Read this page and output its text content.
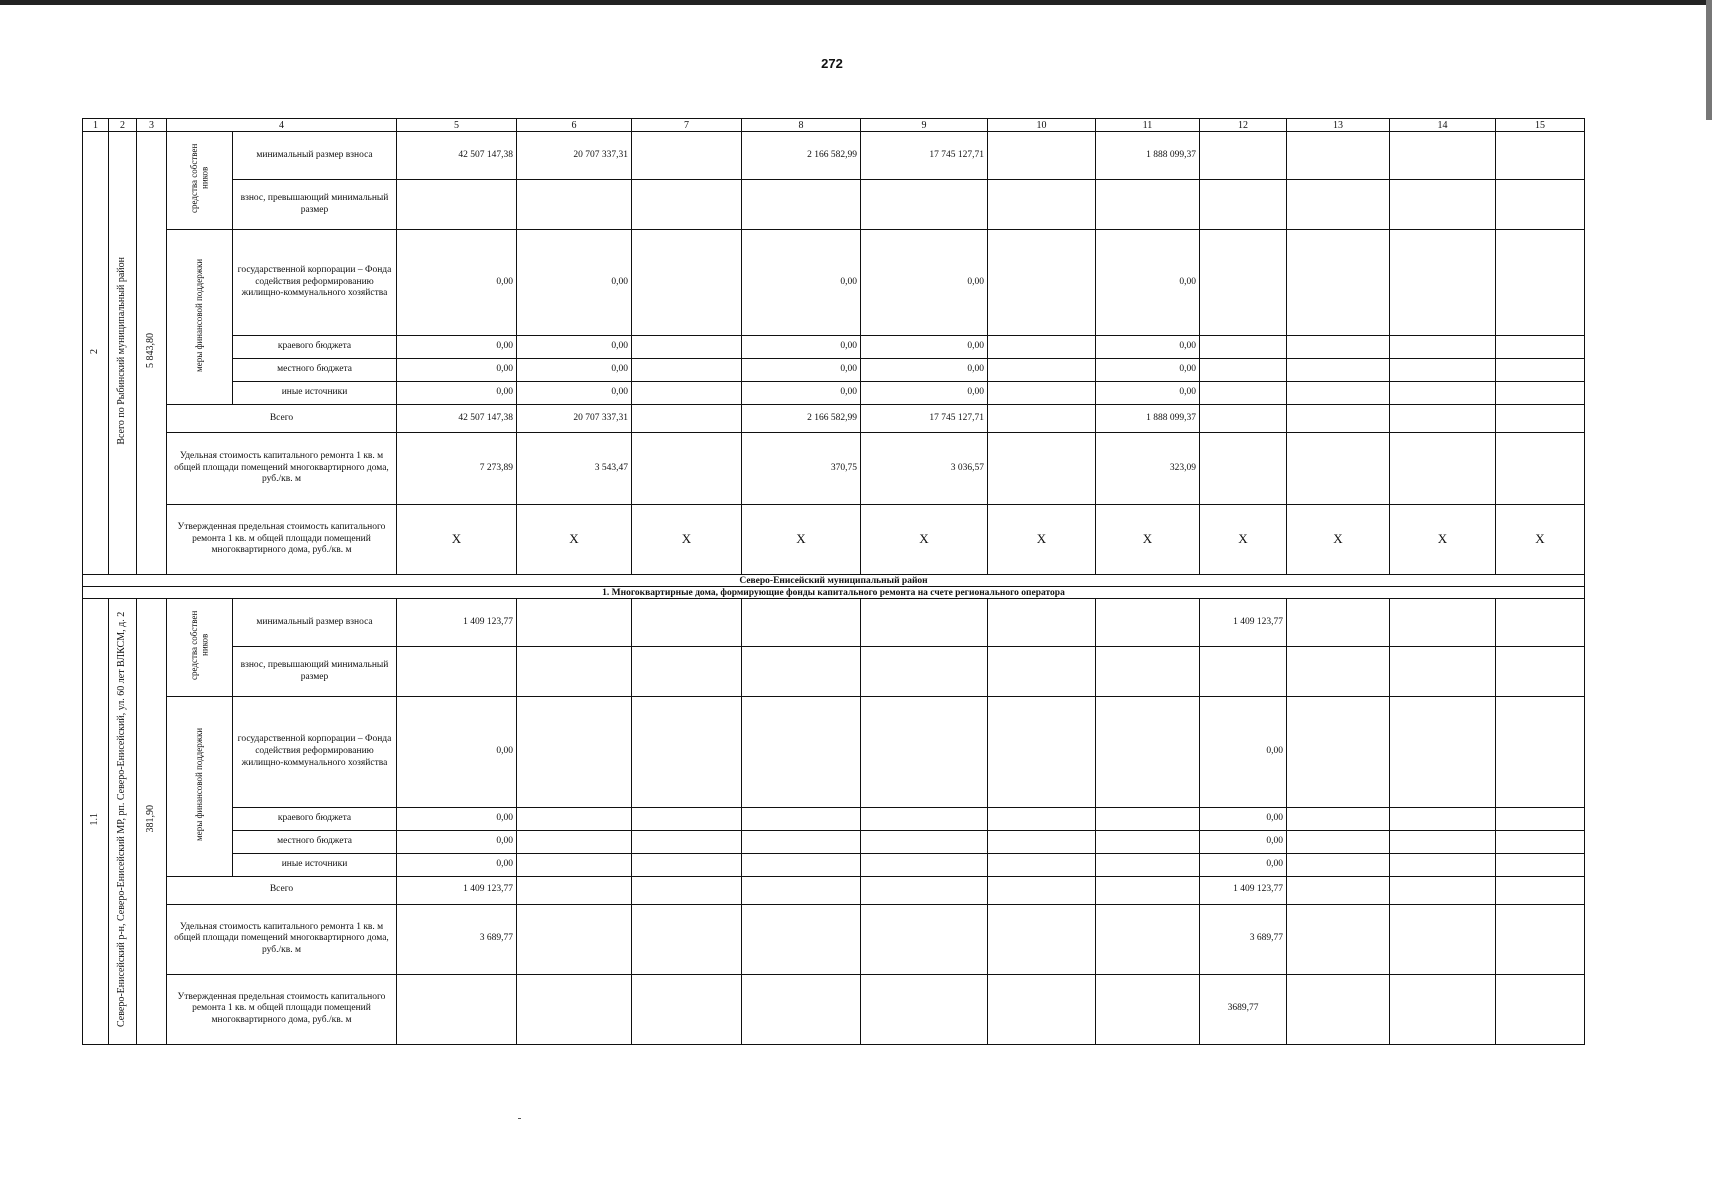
272
1	2	3	4		5	6	7	8	9	10	11	12	13	14	15
2	Всего по Рыбинский муниципальный район	5 843,80	средства собствен ников	минимальный размер взноса	42 507 147,38	20 707 337,31		2 166 582,99	17 745 127,71		1 888 099,37				
				взнос, превышающий минимальный размер											
			меры финансовой поддержки	государственной корпорации – Фонда содействия реформированию жилищно-коммунального хозяйства	0,00	0,00		0,00	0,00		0,00				
				краевого бюджета	0,00	0,00		0,00	0,00		0,00				
				местного бюджета	0,00	0,00		0,00	0,00		0,00				
				иные источники	0,00	0,00		0,00	0,00		0,00				
			Всего		42 507 147,38	20 707 337,31		2 166 582,99	17 745 127,71		1 888 099,37				
			Удельная стоимость капитального ремонта 1 кв. м общей площади помещений многоквартирного дома, руб./кв. м		7 273,89	3 543,47		370,75	3 036,57		323,09				
			Утвержденная предельная стоимость капитального ремонта 1 кв. м общей площади помещений многоквартирного дома, руб./кв. м		X	X	X	X	X	X	X	X	X	X	X
Северо-Енисейский муниципальный район															
1. Многоквартирные дома, формирующие фонды капитального ремонта на счете регионального оператора															
1.1	Северо-Енисейский р-н, Северо-Енисейский МР, рп. Северо-Енисейский, ул. 60 лет ВЛКСМ, д. 2	381,90	средства собствен ников	минимальный размер взноса	1 409 123,77							1 409 123,77			
				взнос, превышающий минимальный размер											
			меры финансовой поддержки	государственной корпорации – Фонда содействия реформированию жилищно-коммунального хозяйства	0,00							0,00			
				краевого бюджета	0,00							0,00			
				местного бюджета	0,00							0,00			
				иные источники	0,00							0,00			
			Всего		1 409 123,77							1 409 123,77			
			Удельная стоимость капитального ремонта 1 кв. м общей площади помещений многоквартирного дома, руб./кв. м		3 689,77							3 689,77			
			Утвержденная предельная стоимость капитального ремонта 1 кв. м общей площади помещений многоквартирного дома, руб./кв. м									3689,77			
